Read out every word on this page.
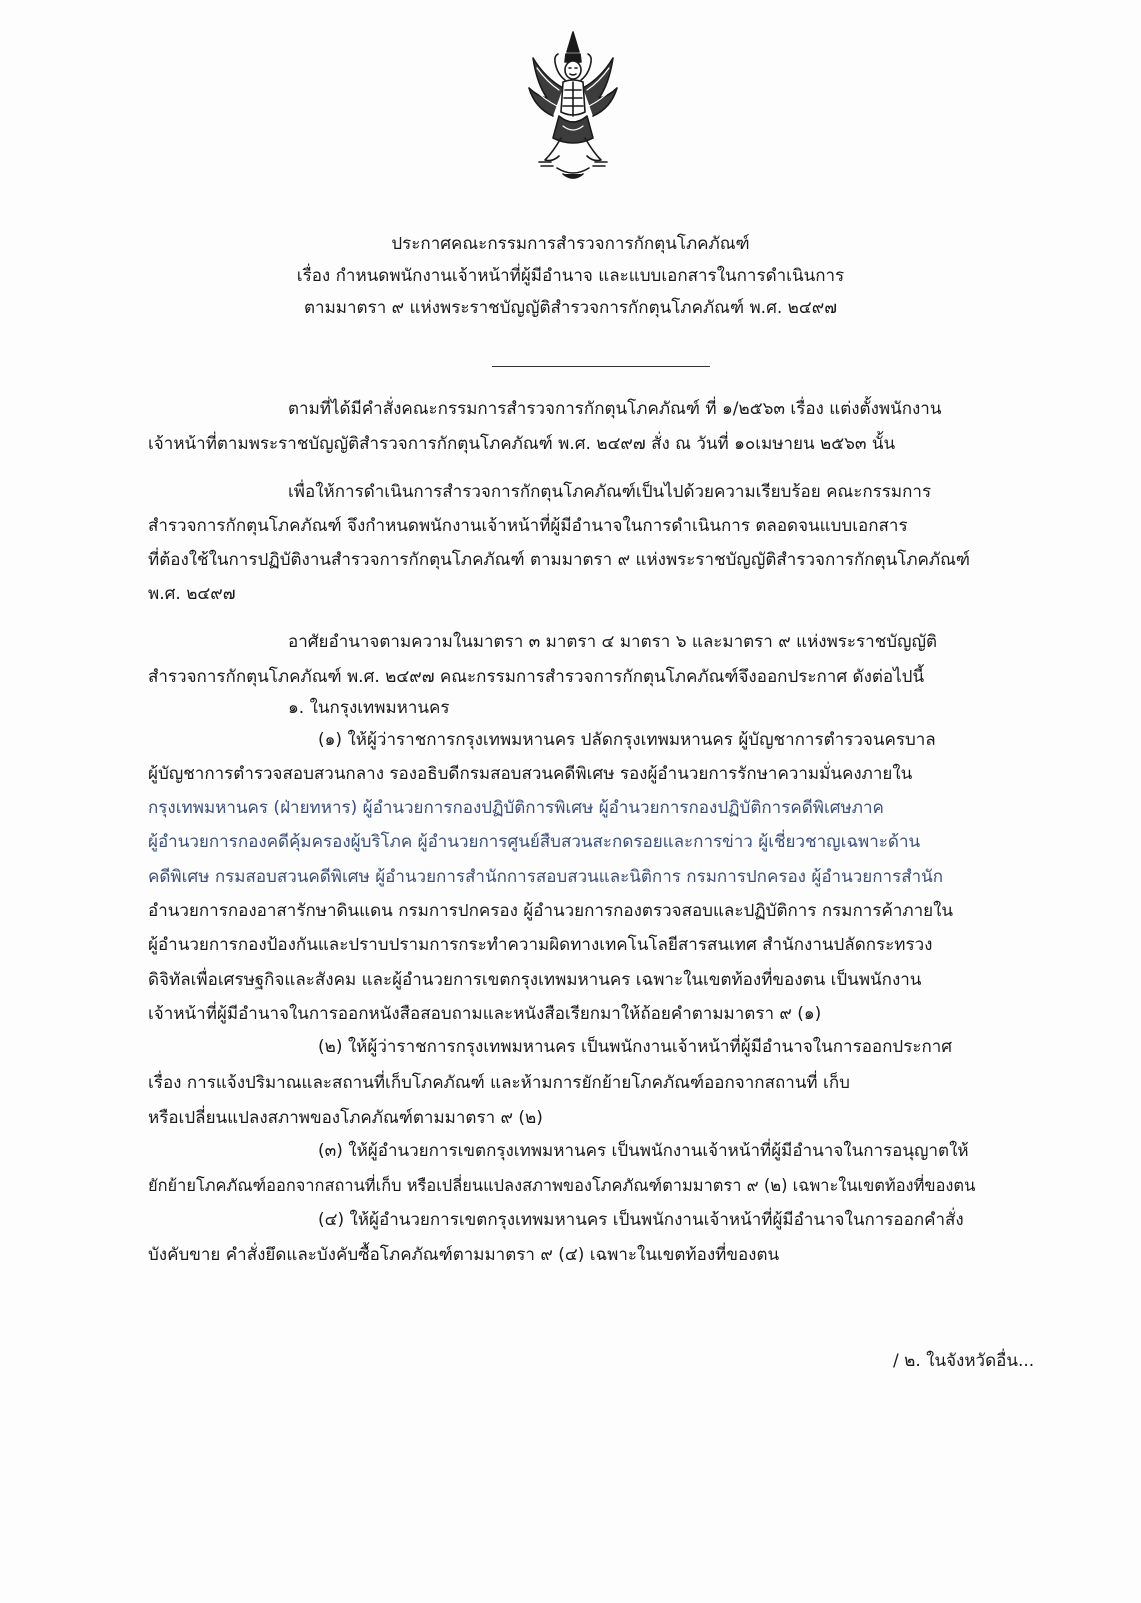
ประกาศคณะกรรมการสำรวจการกักตุนโภคภัณฑ์
เรื่อง กำหนดพนักงานเจ้าหน้าที่ผู้มีอำนาจ และแบบเอกสารในการดำเนินการ
ตามมาตรา ๙ แห่งพระราชบัญญัติสำรวจการกักตุนโภคภัณฑ์ พ.ศ. ๒๔๙๗
ตามที่ได้มีคำสั่งคณะกรรมการสำรวจการกักตุนโภคภัณฑ์ ที่ ๑/๒๕๖๓ เรื่อง แต่งตั้งพนักงาน
เจ้าหน้าที่ตามพระราชบัญญัติสำรวจการกักตุนโภคภัณฑ์ พ.ศ. ๒๔๙๗ สั่ง ณ วันที่ ๑๐เมษายน ๒๕๖๓ นั้น
เพื่อให้การดำเนินการสำรวจการกักตุนโภคภัณฑ์เป็นไปด้วยความเรียบร้อย คณะกรรมการ
สำรวจการกักตุนโภคภัณฑ์ จึงกำหนดพนักงานเจ้าหน้าที่ผู้มีอำนาจในการดำเนินการ ตลอดจนแบบเอกสาร
ที่ต้องใช้ในการปฏิบัติงานสำรวจการกักตุนโภคภัณฑ์ ตามมาตรา ๙ แห่งพระราชบัญญัติสำรวจการกักตุนโภคภัณฑ์
พ.ศ. ๒๔๙๗
อาศัยอำนาจตามความในมาตรา ๓ มาตรา ๔ มาตรา ๖ และมาตรา ๙ แห่งพระราชบัญญัติ
สำรวจการกักตุนโภคภัณฑ์ พ.ศ. ๒๔๙๗ คณะกรรมการสำรวจการกักตุนโภคภัณฑ์จึงออกประกาศ ดังต่อไปนี้
๑. ในกรุงเทพมหานคร
(๑) ให้ผู้ว่าราชการกรุงเทพมหานคร ปลัดกรุงเทพมหานคร ผู้บัญชาการตำรวจนครบาล
ผู้บัญชาการตำรวจสอบสวนกลาง รองอธิบดีกรมสอบสวนคดีพิเศษ รองผู้อำนวยการรักษาความมั่นคงภายใน
กรุงเทพมหานคร (ฝ่ายทหาร) ผู้อำนวยการกองปฏิบัติการพิเศษ ผู้อำนวยการกองปฏิบัติการคดีพิเศษภาค
ผู้อำนวยการกองคดีคุ้มครองผู้บริโภค ผู้อำนวยการศูนย์สืบสวนสะกดรอยและการข่าว ผู้เชี่ยวชาญเฉพาะด้าน
คดีพิเศษ กรมสอบสวนคดีพิเศษ ผู้อำนวยการสำนักการสอบสวนและนิติการ กรมการปกครอง ผู้อำนวยการสำนัก
อำนวยการกองอาสารักษาดินแดน กรมการปกครอง ผู้อำนวยการกองตรวจสอบและปฏิบัติการ กรมการค้าภายใน
ผู้อำนวยการกองป้องกันและปราบปรามการกระทำความผิดทางเทคโนโลยีสารสนเทศ สำนักงานปลัดกระทรวง
ดิจิทัลเพื่อเศรษฐกิจและสังคม และผู้อำนวยการเขตกรุงเทพมหานคร เฉพาะในเขตท้องที่ของตน เป็นพนักงาน
เจ้าหน้าที่ผู้มีอำนาจในการออกหนังสือสอบถามและหนังสือเรียกมาให้ถ้อยคำตามมาตรา ๙ (๑)
(๒) ให้ผู้ว่าราชการกรุงเทพมหานคร เป็นพนักงานเจ้าหน้าที่ผู้มีอำนาจในการออกประกาศ
เรื่อง การแจ้งปริมาณและสถานที่เก็บโภคภัณฑ์ และห้ามการยักย้ายโภคภัณฑ์ออกจากสถานที่ เก็บ
หรือเปลี่ยนแปลงสภาพของโภคภัณฑ์ตามมาตรา ๙ (๒)
(๓) ให้ผู้อำนวยการเขตกรุงเทพมหานคร เป็นพนักงานเจ้าหน้าที่ผู้มีอำนาจในการอนุญาตให้
ยักย้ายโภคภัณฑ์ออกจากสถานที่เก็บ หรือเปลี่ยนแปลงสภาพของโภคภัณฑ์ตามมาตรา ๙ (๒) เฉพาะในเขตท้องที่ของตน
(๔) ให้ผู้อำนวยการเขตกรุงเทพมหานคร เป็นพนักงานเจ้าหน้าที่ผู้มีอำนาจในการออกคำสั่ง
บังคับขาย คำสั่งยึดและบังคับซื้อโภคภัณฑ์ตามมาตรา ๙ (๔) เฉพาะในเขตท้องที่ของตน
/ ๒. ในจังหวัดอื่น...
